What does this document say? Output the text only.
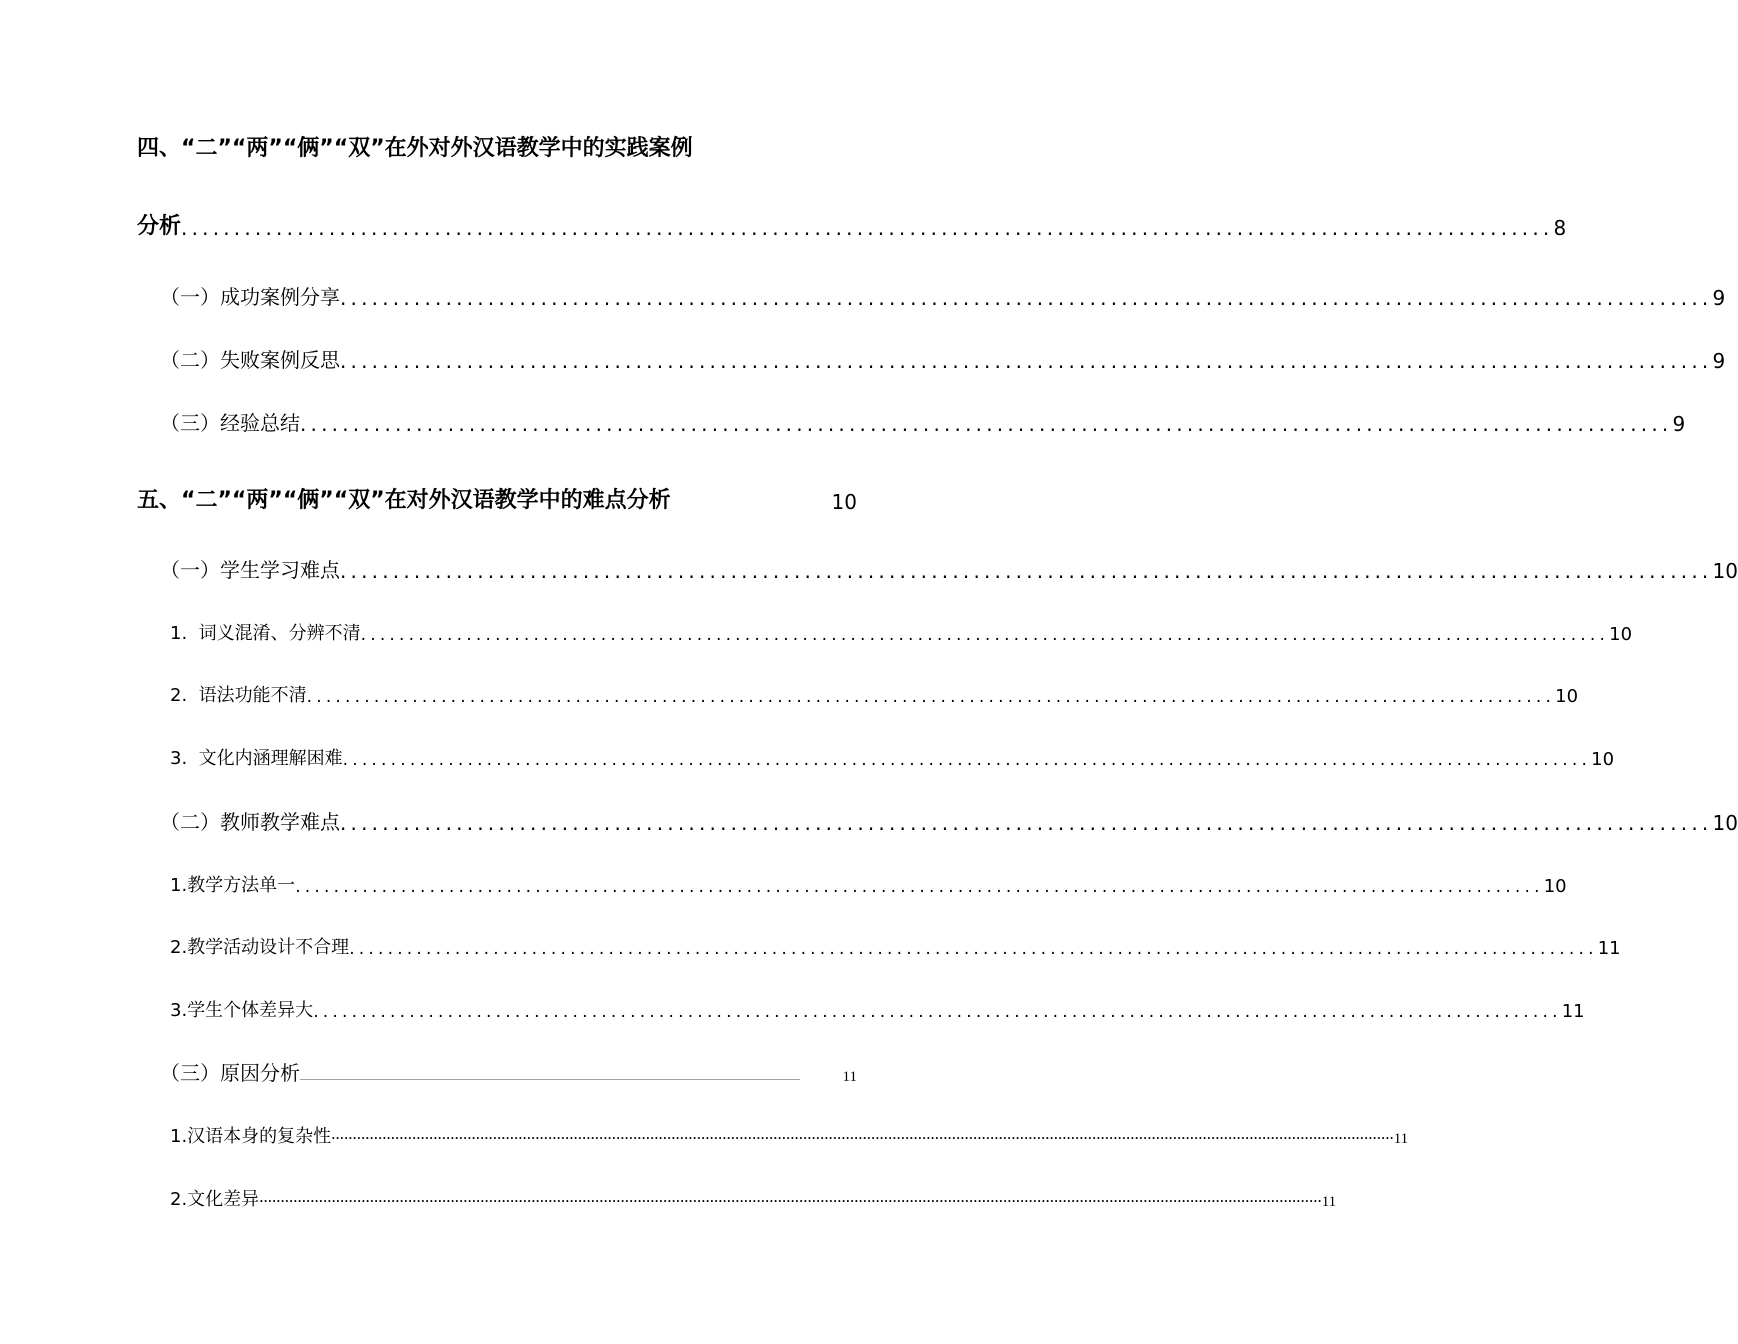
四、“二”“两”“俩”“双”在外对外汉语教学中的实践案例
分析 .................................................................................................................................. 8
（一）成功案例分享 .................................................................................................................................. 9
（二）失败案例反思 .................................................................................................................................. 9
（三）经验总结 .................................................................................................................................. 9
五、“二”“两”“俩”“双”在对外汉语教学中的难点分析	10
（一）学生学习难点 .................................................................................................................................. 10
1.  词义混淆、分辨不清 .................................................................................................................................. 10
2.  语法功能不清 .................................................................................................................................. 10
3.  文化内涵理解困难 .................................................................................................................................. 10
（二）教师教学难点 .................................................................................................................................. 10
1.教学方法单一 .................................................................................................................................. 10
2.教学活动设计不合理 .................................................................................................................................. 11
3.学生个体差异大 .................................................................................................................................. 11
（三）原因分析 ..........................................................................................................................................................................................................................................................	11
1.汉语本身的复杂性 .......................................................................................................................................................................................................................................................... 11
2.文化差异 .......................................................................................................................................................................................................................................................... 11
